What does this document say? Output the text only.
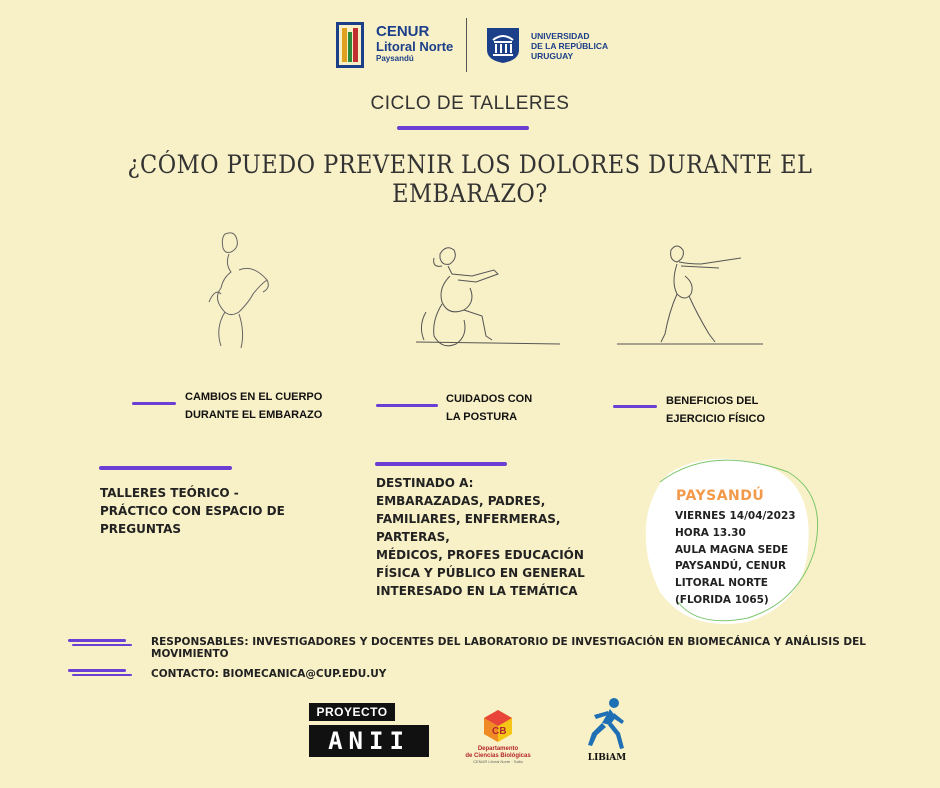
CENUR
Litoral Norte
Paysandú
UNIVERSIDAD
DE LA REPÚBLICA
URUGUAY
CICLO DE TALLERES
¿CÓMO PUEDO PREVENIR LOS DOLORES DURANTE EL EMBARAZO?
CAMBIOS EN EL CUERPO
DURANTE EL EMBARAZO
CUIDADOS CON
LA POSTURA
BENEFICIOS DEL
EJERCICIO FÍSICO
TALLERES TEÓRICO -
PRÁCTICO CON ESPACIO DE
PREGUNTAS
DESTINADO A:
EMBARAZADAS, PADRES,
FAMILIARES, ENFERMERAS,
PARTERAS,
MÉDICOS, PROFES EDUCACIÓN
FÍSICA Y PÚBLICO EN GENERAL
INTERESADO EN LA TEMÁTICA
PAYSANDÚ
VIERNES 14/04/2023
HORA 13.30
AULA MAGNA SEDE
PAYSANDÚ, CENUR
LITORAL NORTE
(FLORIDA 1065)
RESPONSABLES: INVESTIGADORES Y DOCENTES DEL LABORATORIO DE INVESTIGACIÓN EN BIOMECÁNICA Y ANÁLISIS DEL MOVIMIENTO
CONTACTO: BIOMECANICA@CUP.EDU.UY
PROYECTO
ANII	CB
Departamento
de Ciencias Biológicas
CENUR Litoral Norte · Salto	LIBiAM
